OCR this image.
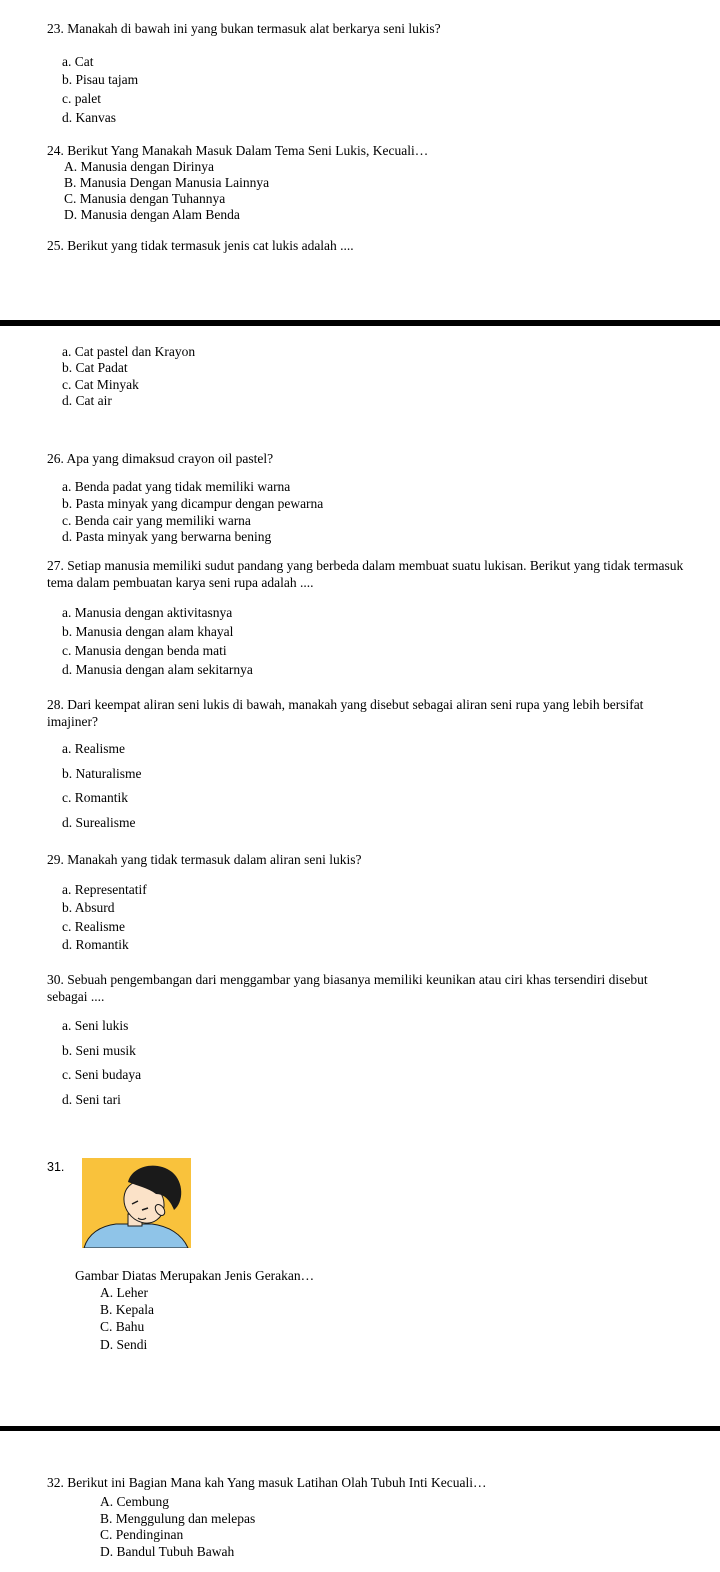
23. Manakah di bawah ini yang bukan termasuk alat berkarya seni lukis?
a. Cat
b. Pisau tajam
c. palet
d. Kanvas
24. Berikut Yang Manakah Masuk Dalam Tema Seni Lukis, Kecuali…
A. Manusia dengan Dirinya
B. Manusia Dengan Manusia Lainnya
C. Manusia dengan Tuhannya
D. Manusia dengan Alam Benda
25. Berikut yang tidak termasuk jenis cat lukis adalah ....
a. Cat pastel dan Krayon
b. Cat Padat
c. Cat Minyak
d. Cat air
26. Apa yang dimaksud crayon oil pastel?
a. Benda padat yang tidak memiliki warna
b. Pasta minyak yang dicampur dengan pewarna
c. Benda cair yang memiliki warna
d. Pasta minyak yang berwarna bening
27. Setiap manusia memiliki sudut pandang yang berbeda dalam membuat suatu lukisan. Berikut yang tidak termasuk tema dalam pembuatan karya seni rupa adalah ....
a. Manusia dengan aktivitasnya
b. Manusia dengan alam khayal
c. Manusia dengan benda mati
d. Manusia dengan alam sekitarnya
28. Dari keempat aliran seni lukis di bawah, manakah yang disebut sebagai aliran seni rupa yang lebih bersifat imajiner?
a. Realisme
b. Naturalisme
c. Romantik
d. Surealisme
29. Manakah yang tidak termasuk dalam aliran seni lukis?
a. Representatif
b. Absurd
c. Realisme
d. Romantik
30. Sebuah pengembangan dari menggambar yang biasanya memiliki keunikan atau ciri khas tersendiri disebut sebagai ....
a. Seni lukis
b. Seni musik
c. Seni budaya
d. Seni tari
31.
Gambar Diatas Merupakan Jenis Gerakan…
A. Leher
B. Kepala
C. Bahu
D. Sendi
32. Berikut ini Bagian Mana kah Yang masuk Latihan Olah Tubuh Inti Kecuali…
A. Cembung
B. Menggulung dan melepas
C. Pendinginan
D. Bandul Tubuh Bawah
